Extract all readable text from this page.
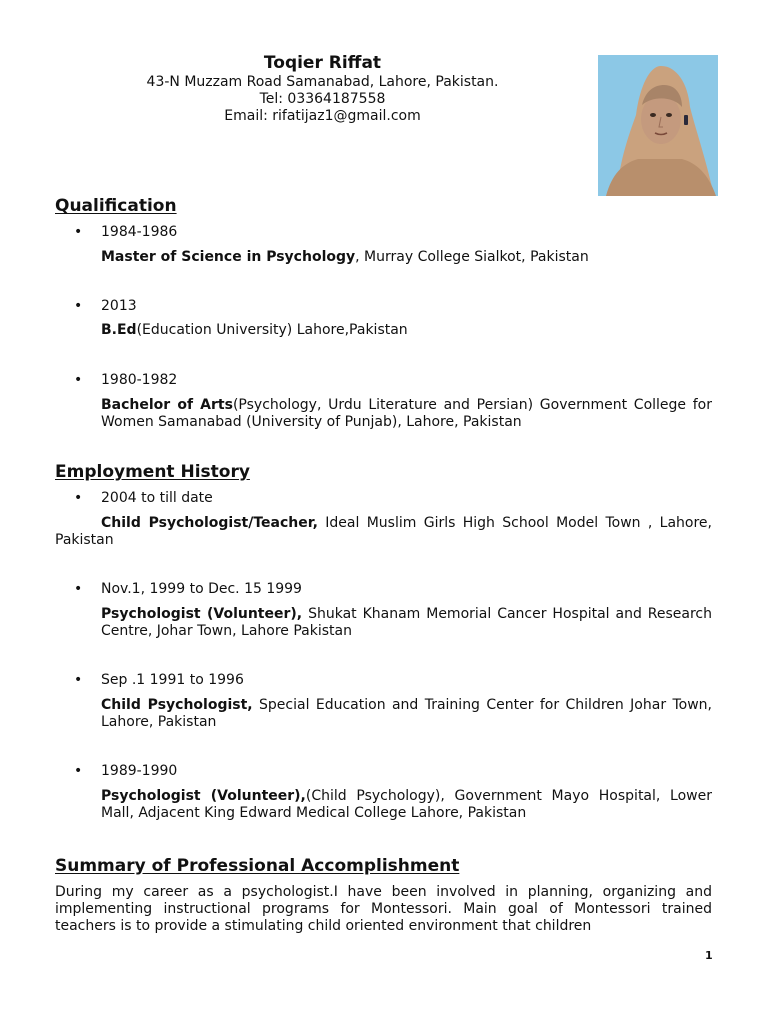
Toqier Riffat
43-N Muzzam Road Samanabad, Lahore, Pakistan.
Tel: 03364187558
Email: rifatijaz1@gmail.com
Qualification
• 1984-1986
Master of Science in Psychology, Murray College Sialkot, Pakistan
• 2013
B.Ed(Education University) Lahore,Pakistan
• 1980-1982
Bachelor of Arts(Psychology, Urdu Literature and Persian) Government College for Women Samanabad (University of Punjab), Lahore, Pakistan
Employment History
• 2004 to till date
Child Psychologist/Teacher, Ideal Muslim Girls High School Model Town , Lahore, Pakistan
• Nov.1, 1999 to Dec. 15 1999
Psychologist (Volunteer), Shukat Khanam Memorial Cancer Hospital and Research Centre, Johar Town, Lahore Pakistan
• Sep .1 1991 to 1996
Child Psychologist, Special Education and Training Center for Children Johar Town, Lahore, Pakistan
• 1989-1990
Psychologist (Volunteer),(Child Psychology), Government Mayo Hospital, Lower Mall, Adjacent King Edward Medical College Lahore, Pakistan
Summary of Professional Accomplishment
During my career as a psychologist.I have been involved in planning, organizing and implementing instructional programs for Montessori. Main goal of Montessori trained teachers is to provide a stimulating child oriented environment that children
1
